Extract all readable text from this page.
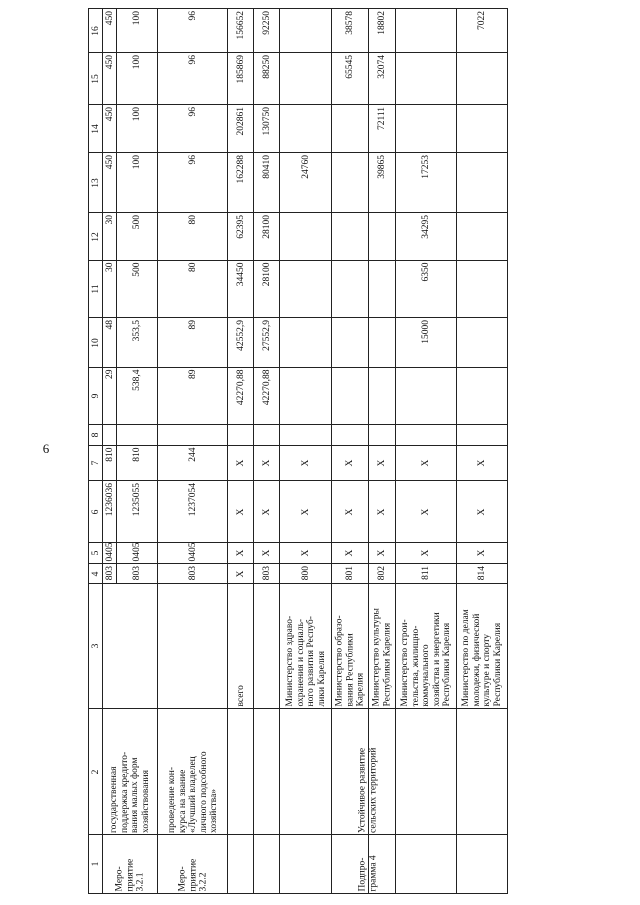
1
2
3
4
5
6
7
8
9
10
11
12
13
14
15
16
Меро-
приятие
3.2.1
государственная
поддержка кредито-
вания малых форм
хозяйствования
803 803
0405 0405
1236036 1235055
810 810
29 538,4
48 353,5
30 500
30 500
450 100
450 100
450 100
450 100
Меро-
приятие
3.2.2
проведение кон-
курса на звание
«Лучший владелец
личного подсобного
хозяйства»
803
0405
1237054
244
89
89
80
80
96
96
96
96
Подпро-
грамма 4
Устойчивое развитие
сельских территорий
всего
Х
Х
Х
Х
42270,88
42552,9
34450
62395
162288
202861
185869
156652
803
Х
Х
Х
42270,88
27552,9
28100
28100
80410
130750
88250
92250
Министерство здраво-
охранения и социаль-
ного развития Респуб-
лики Карелия
800
Х
Х
Х
24760
Министерство образо-
вания Республики
Карелия
801
Х
Х
Х
65545
38578
Министерство культуры
Республики Карелия
802
Х
Х
Х
39865
72111
32074
18802
Министерство строи-
тельства, жилищно-
коммунального
хозяйства и энергетики
Республики Карелия
811
Х
Х
Х
15000
6350
34295
17253
Министерство по делам
молодежи, физической
культуре и спорту
Республики Карелия
814
Х
Х
Х
7022
6
